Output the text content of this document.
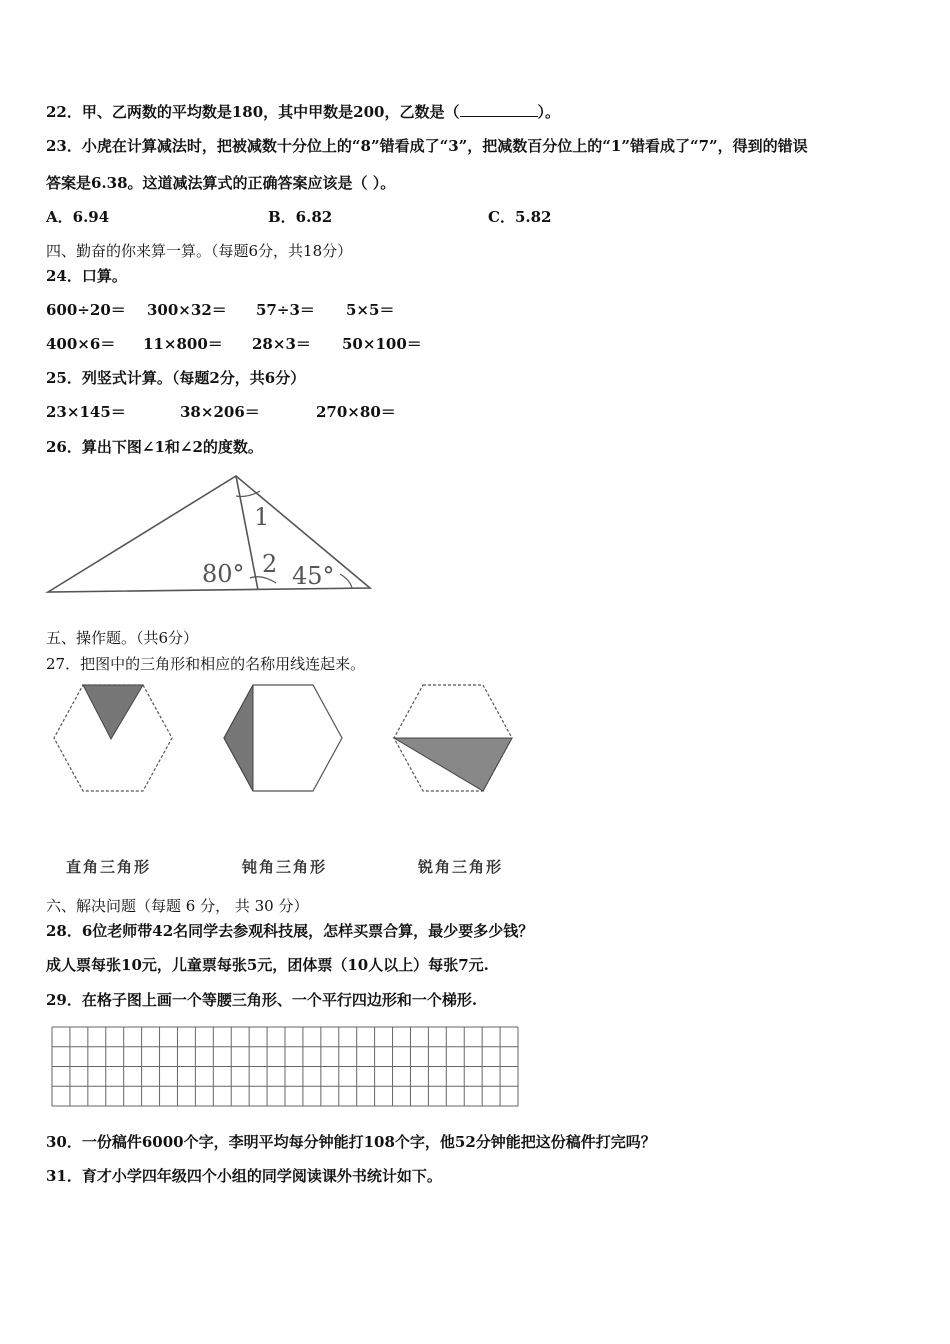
22．甲、乙两数的平均数是180，其中甲数是200，乙数是（	）。
23．小虎在计算减法时，把被减数十分位上的“8”错看成了“3”，把减数百分位上的“1”错看成了“7”，得到的错误
答案是6.38。这道减法算式的正确答案应该是（ ）。
A．6.94	B．6.82	C．5.82
四、勤奋的你来算一算。（每题6分，共18分）
24．口算。
600÷20＝ 300×32＝ 57÷3＝ 5×5＝
400×6＝ 11×800＝ 28×3＝ 50×100＝
25．列竖式计算。（每题2分，共6分）
23×145＝	38×206＝	270×80＝
26．算出下图∠1和∠2的度数。
1
80° 2 45°
五、操作题。（共6分）
27．把图中的三角形和相应的名称用线连起来。
直角三角形	钝角三角形	锐角三角形
六、解决问题（每题 6 分， 共 30 分）
28．6位老师带42名同学去参观科技展，怎样买票合算，最少要多少钱？
成人票每张10元，儿童票每张5元，团体票（10人以上）每张7元.
29．在格子图上画一个等腰三角形、一个平行四边形和一个梯形.
30．一份稿件6000个字，李明平均每分钟能打108个字，他52分钟能把这份稿件打完吗？
31．育才小学四年级四个小组的同学阅读课外书统计如下。
